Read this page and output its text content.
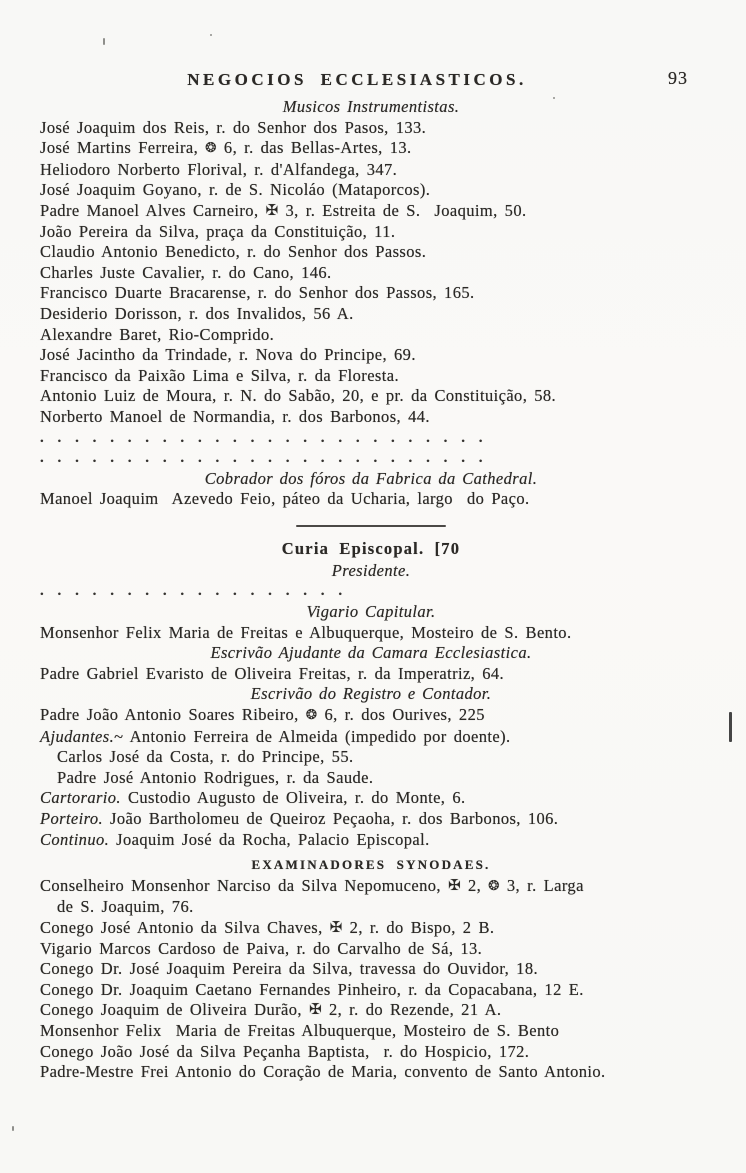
NEGOCIOS ECCLESIASTICOS.	93
Musicos Instrumentistas.
José Joaquim dos Reis, r. do Senhor dos Pasos, 133.
José Martins Ferreira, ❂ 6, r. das Bellas-Artes, 13.
Heliodoro Norberto Florival, r. d'Alfandega, 347.
José Joaquim Goyano, r. de S. Nicoláo (Mataporcos).
Padre Manoel Alves Carneiro, ✠ 3, r. Estreita de S.  Joaquim, 50.
João Pereira da Silva, praça da Constituição, 11.
Claudio Antonio Benedicto, r. do Senhor dos Passos.
Charles Juste Cavalier, r. do Cano, 146.
Francisco Duarte Bracarense, r. do Senhor dos Passos, 165.
Desiderio Dorisson, r. dos Invalidos, 56 A.
Alexandre Baret, Rio-Comprido.
José Jacintho da Trindade, r. Nova do Principe, 69.
Francisco da Paixão Lima e Silva, r. da Floresta.
Antonio Luiz de Moura, r. N. do Sabão, 20, e pr. da Constituição, 58.
Norberto Manoel de Normandia, r. dos Barbonos, 44.
..........................
..........................
Cobrador dos fóros da Fabrica da Cathedral.
Manoel Joaquim  Azevedo Feio, páteo da Ucharia, largo  do Paço.
Curia Episcopal. [70
Presidente.
..................
Vigario Capitular.
Monsenhor Felix Maria de Freitas e Albuquerque, Mosteiro de S. Bento.
Escrivão Ajudante da Camara Ecclesiastica.
Padre Gabriel Evaristo de Oliveira Freitas, r. da Imperatriz, 64.
Escrivão do Registro e Contador.
Padre João Antonio Soares Ribeiro, ❂ 6, r. dos Ourives, 225
Ajudantes.~ Antonio Ferreira de Almeida (impedido por doente).
Carlos José da Costa, r. do Principe, 55.
Padre José Antonio Rodrigues, r. da Saude.
Cartorario. Custodio Augusto de Oliveira, r. do Monte, 6.
Porteiro. João Bartholomeu de Queiroz Peçaoha, r. dos Barbonos, 106.
Continuo. Joaquim José da Rocha, Palacio Episcopal.
EXAMINADORES SYNODAES.
Conselheiro Monsenhor Narciso da Silva Nepomuceno, ✠ 2, ❂ 3, r. Larga
de S. Joaquim, 76.
Conego José Antonio da Silva Chaves, ✠ 2, r. do Bispo, 2 B.
Vigario Marcos Cardoso de Paiva, r. do Carvalho de Sá, 13.
Conego Dr. José Joaquim Pereira da Silva, travessa do Ouvidor, 18.
Conego Dr. Joaquim Caetano Fernandes Pinheiro, r. da Copacabana, 12 E.
Conego Joaquim de Oliveira Durão, ✠ 2, r. do Rezende, 21 A.
Monsenhor Felix  Maria de Freitas Albuquerque, Mosteiro de S. Bento
Conego João José da Silva Peçanha Baptista,  r. do Hospicio, 172.
Padre-Mestre Frei Antonio do Coração de Maria, convento de Santo Antonio.
